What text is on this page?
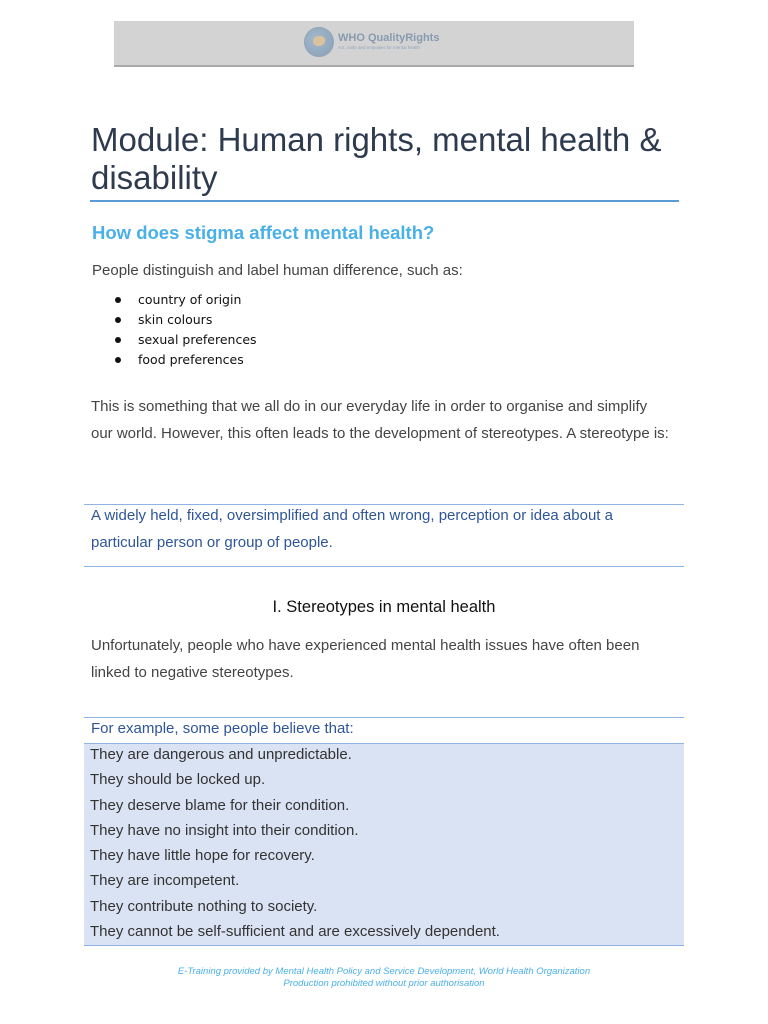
WHO QualityRights
Act, unite and empower for mental health
Module: Human rights, mental health & disability
How does stigma affect mental health?

People distinguish and label human difference, such as:

country of origin
skin colours
sexual preferences
food preferences

This is something that we all do in our everyday life in order to organise and simplify our world. However, this often leads to the development of stereotypes. A stereotype is:

A widely held, fixed, oversimplified and often wrong, perception or idea about a particular person or group of people.

I. Stereotypes in mental health

Unfortunately, people who have experienced mental health issues have often been linked to negative stereotypes.

For example, some people believe that:
They are dangerous and unpredictable.
They should be locked up.
They deserve blame for their condition.
They have no insight into their condition.
They have little hope for recovery.
They are incompetent.
They contribute nothing to society.
They cannot be self-sufficient and are excessively dependent.
E-Training provided by Mental Health Policy and Service Development, World Health Organization
Production prohibited without prior authorisation
